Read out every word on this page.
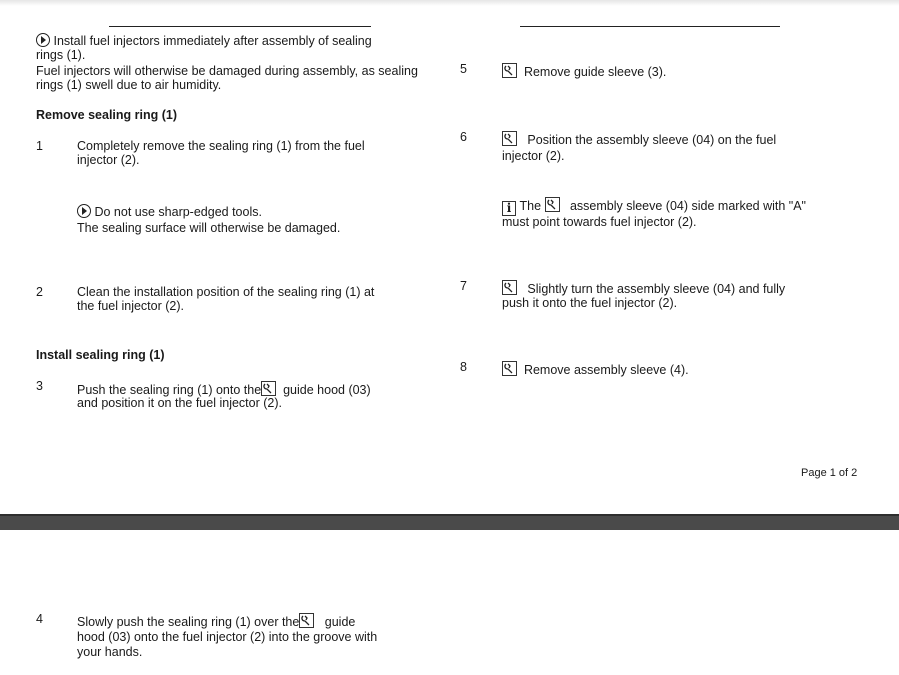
Install fuel injectors immediately after assembly of sealing
rings (1).
Fuel injectors will otherwise be damaged during assembly, as sealing
rings (1) swell due to air humidity.
Remove sealing ring (1)
1	Completely remove the sealing ring (1) from the fuel
injector (2).
Do not use sharp-edged tools.
The sealing surface will otherwise be damaged.
2	Clean the installation position of the sealing ring (1) at
the fuel injector (2).
Install sealing ring (1)
3	Push the sealing ring (1) onto the guide hood (03)
and position it on the fuel injector (2).
5	Remove guide sleeve (3).
6	Position the assembly sleeve (04) on the fuel
injector (2).
i The assembly sleeve (04) side marked with "A"
must point towards fuel injector (2).
7	Slightly turn the assembly sleeve (04) and fully
push it onto the fuel injector (2).
8	Remove assembly sleeve (4).
Page 1 of 2
4	Slowly push the sealing ring (1) over the guide
hood (03) onto the fuel injector (2) into the groove with
your hands.
